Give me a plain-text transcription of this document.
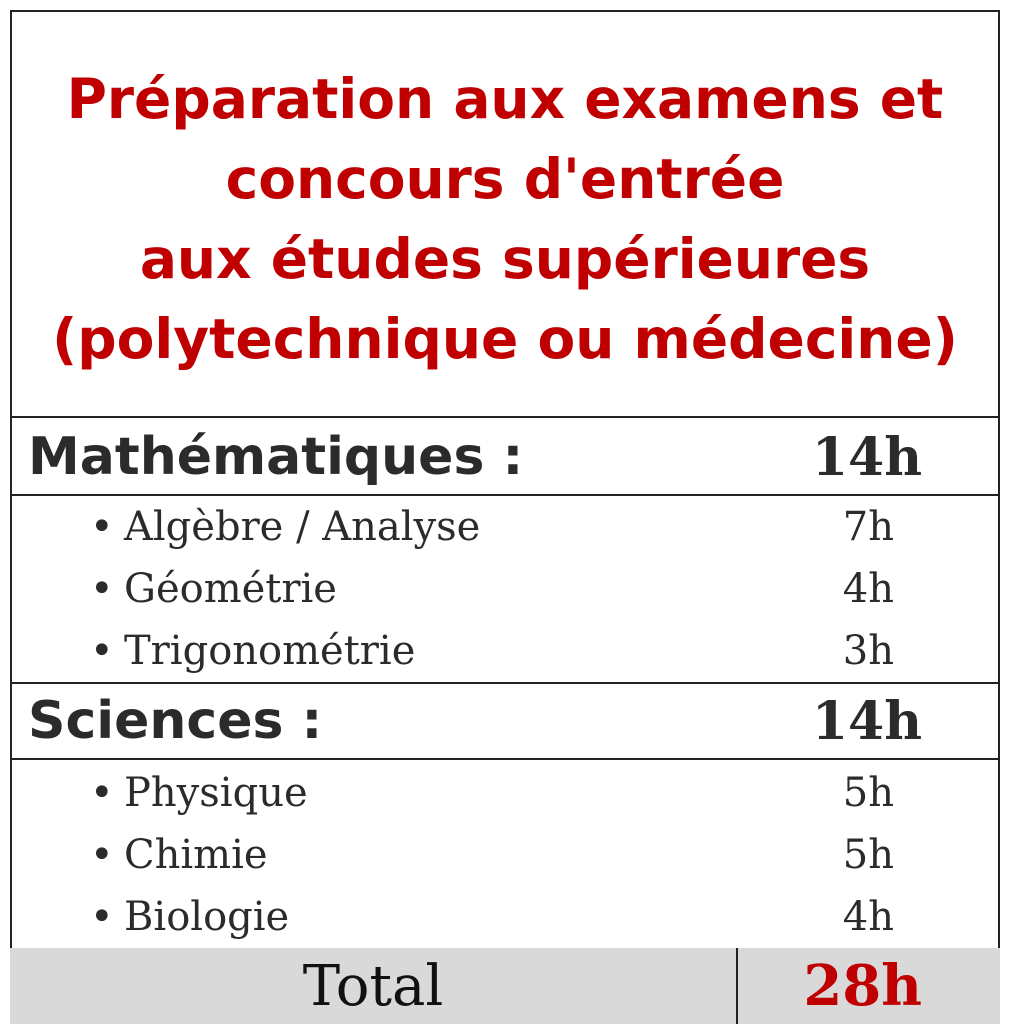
Préparation aux examens et
concours d'entrée
aux études supérieures
(polytechnique ou médecine)
Mathématiques :	14h
• Algèbre / Analyse	7h
• Géométrie	4h
• Trigonométrie	3h
Sciences :	14h
• Physique	5h
• Chimie	5h
• Biologie	4h
Total	28h
